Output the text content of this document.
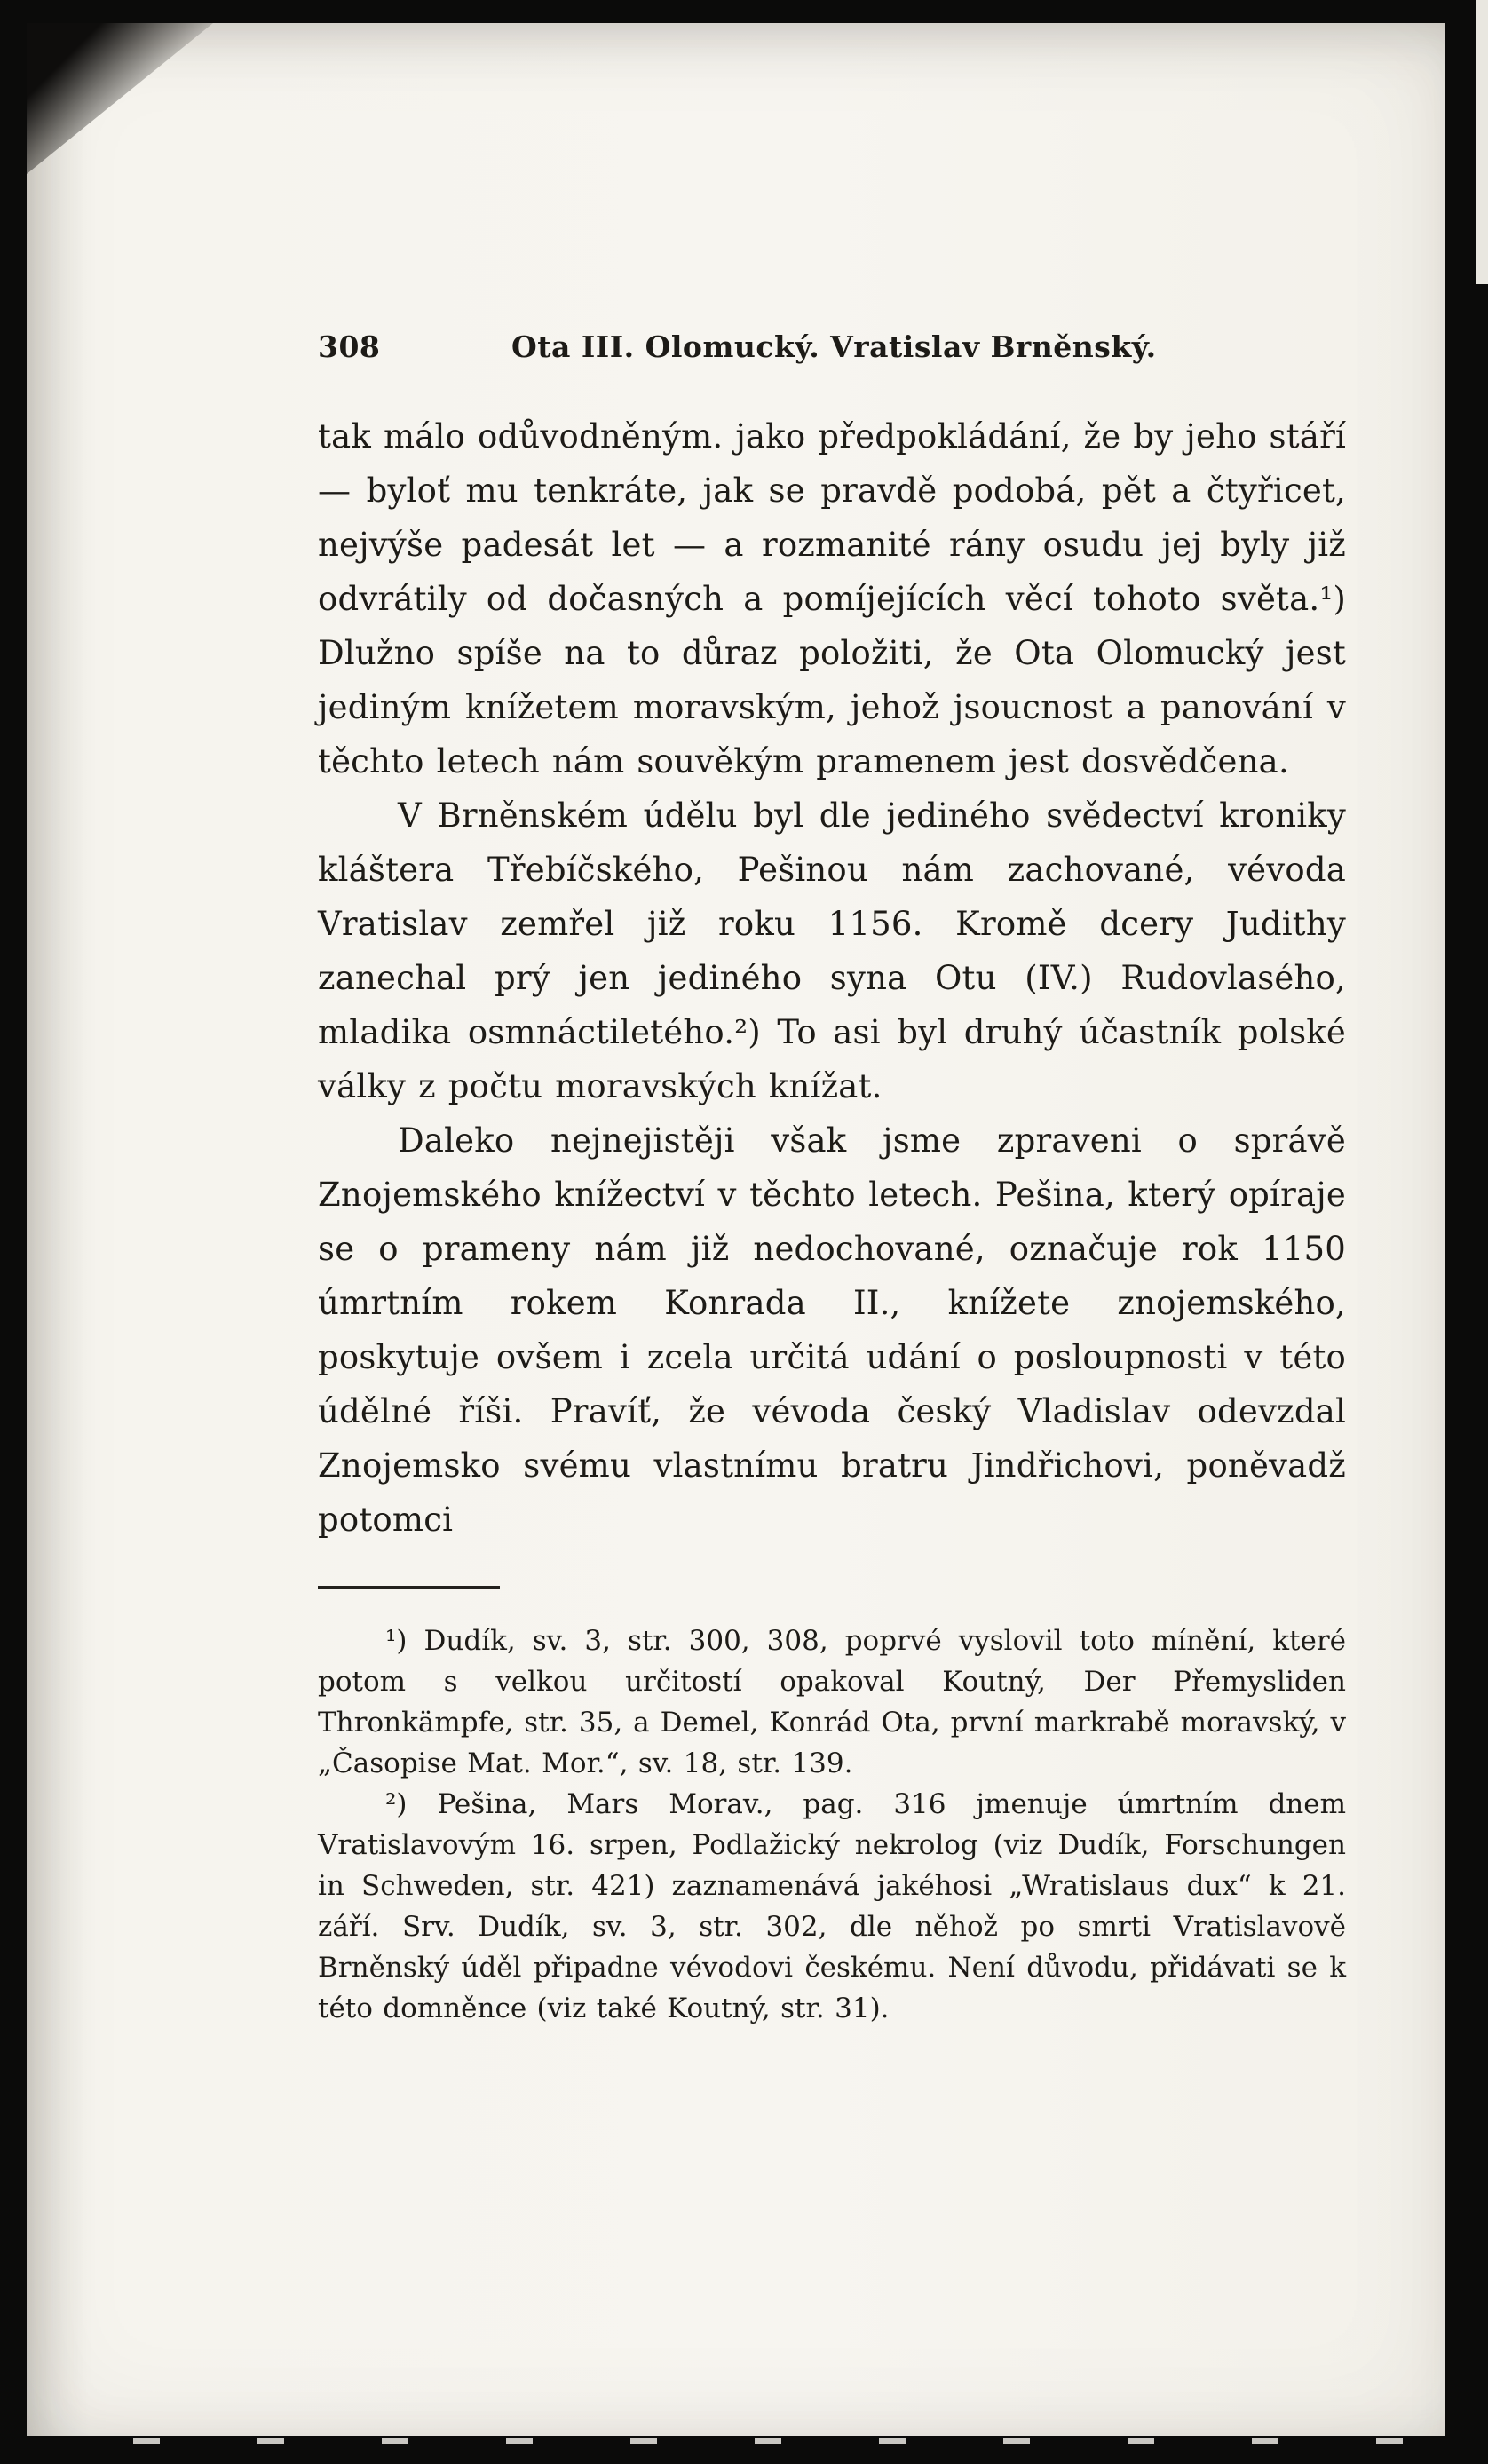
308	Ota III. Olomucký. Vratislav Brněnský.

tak málo odůvodněným. jako předpokládání, že by jeho stáří — byloť mu tenkráte, jak se pravdě podobá, pět a čtyřicet, nejvýše padesát let — a rozmanité rány osudu jej byly již odvrátily od dočasných a pomíjejících věcí tohoto světa.¹) Dlužno spíše na to důraz položiti, že Ota Olomucký jest jediným knížetem moravským, jehož jsoucnost a panování v těchto letech nám souvěkým pramenem jest dosvědčena.

V Brněnském údělu byl dle jediného svědectví kroniky kláštera Třebíčského, Pešinou nám zachované, vévoda Vratislav zemřel již roku 1156. Kromě dcery Judithy zanechal prý jen jediného syna Otu (IV.) Rudovlasého, mladika osmnáctiletého.²) To asi byl druhý účastník polské války z počtu moravských knížat.

Daleko nejnejistěji však jsme zpraveni o správě Znojemského knížectví v těchto letech. Pešina, který opíraje se o prameny nám již nedochované, označuje rok 1150 úmrtním rokem Konrada II., knížete znojemského, poskytuje ovšem i zcela určitá udání o posloupnosti v této údělné říši. Pravíť, že vévoda český Vladislav odevzdal Znojemsko svému vlastnímu bratru Jindřichovi, poněvadž potomci

¹) Dudík, sv. 3, str. 300, 308, poprvé vyslovil toto mínění, které potom s velkou určitostí opakoval Koutný, Der Přemysliden Thronkämpfe, str. 35, a Demel, Konrád Ota, první markrabě moravský, v „Časopise Mat. Mor.“, sv. 18, str. 139.

²) Pešina, Mars Morav., pag. 316 jmenuje úmrtním dnem Vratislavovým 16. srpen, Podlažický nekrolog (viz Dudík, Forschungen in Schweden, str. 421) zaznamenává jakéhosi „Wratislaus dux“ k 21. září. Srv. Dudík, sv. 3, str. 302, dle něhož po smrti Vratislavově Brněnský úděl připadne vévodovi českému. Není důvodu, přidávati se k této domněnce (viz také Koutný, str. 31).
